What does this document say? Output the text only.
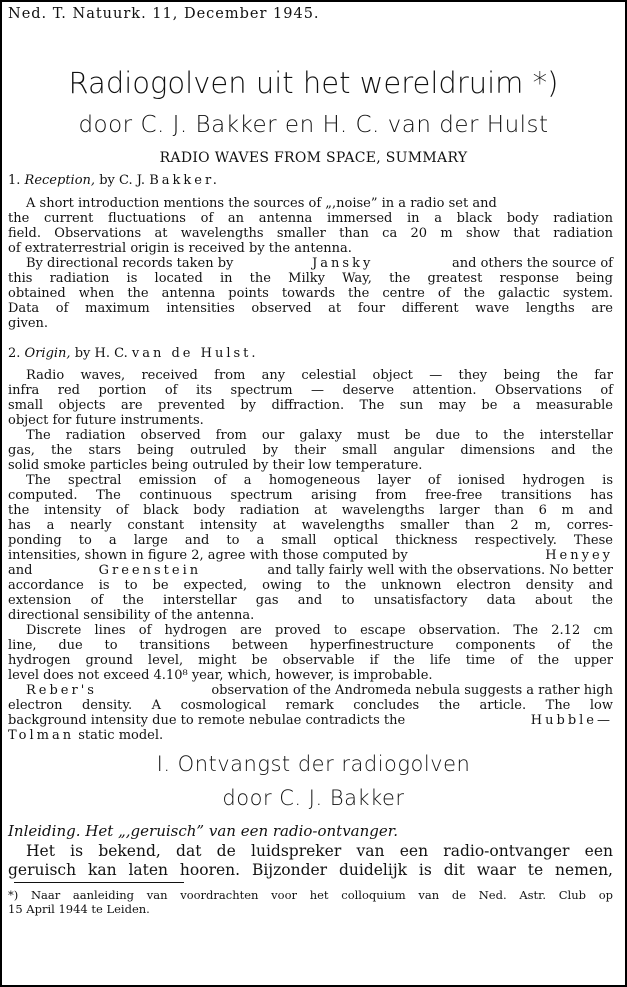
Ned. T. Natuurk. 11, December 1945.
Radiogolven uit het wereldruim *)
door C. J. Bakker en H. C. van der Hulst
RADIO WAVES FROM SPACE, SUMMARY
1. Reception, by C. J. Bakker.
A short introduction mentions the sources of „,noise” in a radio set and
the current fluctuations of an antenna immersed in a black body radiation
field. Observations at wavelengths smaller than ca 20 m show that radiation
of extraterrestrial origin is received by the antenna.
By directional records taken by	Jansky	and others the source of
this radiation is located in the Milky Way, the greatest response being
obtained when the antenna points towards the centre of the galactic system.
Data of maximum intensities observed at four different wave lengths are
given.
2. Origin, by H. C. van de Hulst.
Radio waves, received from any celestial object — they being the far
infra red portion of its spectrum — deserve attention. Observations of
small objects are prevented by diffraction. The sun may be a measurable
object for future instruments.
The radiation observed from our galaxy must be due to the interstellar
gas, the stars being outruled by their small angular dimensions and the
solid smoke particles being outruled by their low temperature.
The spectral emission of a homogeneous layer of ionised hydrogen is
computed. The continuous spectrum arising from free-free transitions has
the intensity of black body radiation at wavelengths larger than 6 m and
has a nearly constant intensity at wavelengths smaller than 2 m, corres-
ponding to a large and to a small optical thickness respectively. These
intensities, shown in figure 2, agree with those computed by	Henyey
and	Greenstein	and tally fairly well with the observations. No better
accordance is to be expected, owing to the unknown electron density and
extension of the interstellar gas and to unsatisfactory data about the
directional sensibility of the antenna.
Discrete lines of hydrogen are proved to escape observation. The 2.12 cm
line, due to transitions between hyperfinestructure components of the
hydrogen ground level, might be observable if the life time of the upper
level does not exceed 4.10⁸ year, which, however, is improbable.
Reber's	observation of the Andromeda nebula suggests a rather high
electron density. A cosmological remark concludes the article. The low
background intensity due to remote nebulae contradicts the	Hubble—
Tolman static model.
I. Ontvangst der radiogolven
door C. J. Bakker
Inleiding. Het „,geruisch” van een radio-ontvanger.
Het is bekend, dat de luidspreker van een radio-ontvanger een
geruisch kan laten hooren. Bijzonder duidelijk is dit waar te nemen,
*) Naar aanleiding van voordrachten voor het colloquium van de Ned. Astr. Club op
15 April 1944 te Leiden.
